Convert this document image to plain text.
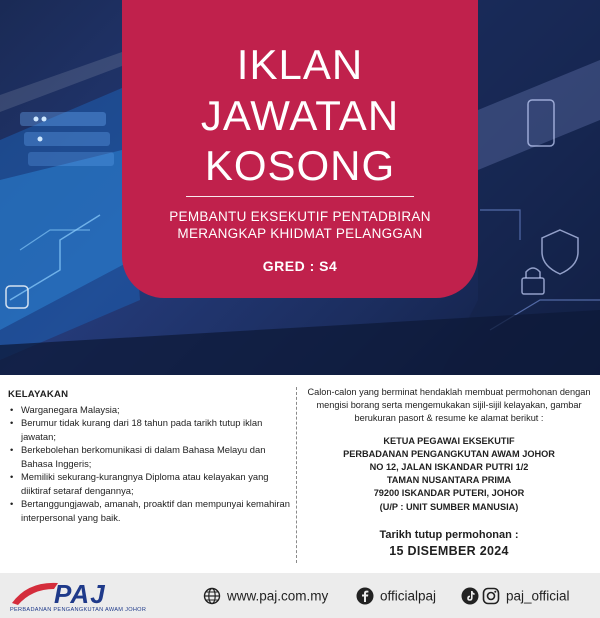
IKLAN
JAWATAN
KOSONG
PEMBANTU EKSEKUTIF PENTADBIRAN
MERANGKAP KHIDMAT PELANGGAN
GRED : S4
KELAYAKAN
• Warganegara Malaysia;
• Berumur tidak kurang dari 18 tahun pada tarikh tutup iklan jawatan;
• Berkebolehan berkomunikasi di dalam Bahasa Melayu dan Bahasa Inggeris;
• Memiliki sekurang-kurangnya Diploma atau kelayakan yang diiktiraf setaraf dengannya;
• Bertanggungjawab, amanah, proaktif dan mempunyai kemahiran interpersonal yang baik.
Calon-calon yang berminat hendaklah membuat permohonan dengan mengisi borang serta mengemukakan sijil-sijil kelayakan, gambar berukuran pasort & resume ke alamat berikut :
KETUA PEGAWAI EKSEKUTIF
PERBADANAN PENGANGKUTAN AWAM JOHOR
NO 12, JALAN ISKANDAR PUTRI 1/2
TAMAN NUSANTARA PRIMA
79200 ISKANDAR PUTERI, JOHOR
(U/P : UNIT SUMBER MANUSIA)
Tarikh tutup permohonan :
15 DISEMBER 2024
PAJ
PERBADANAN PENGANGKUTAN AWAM JOHOR
www.paj.com.my	officialpaj	paj_official
